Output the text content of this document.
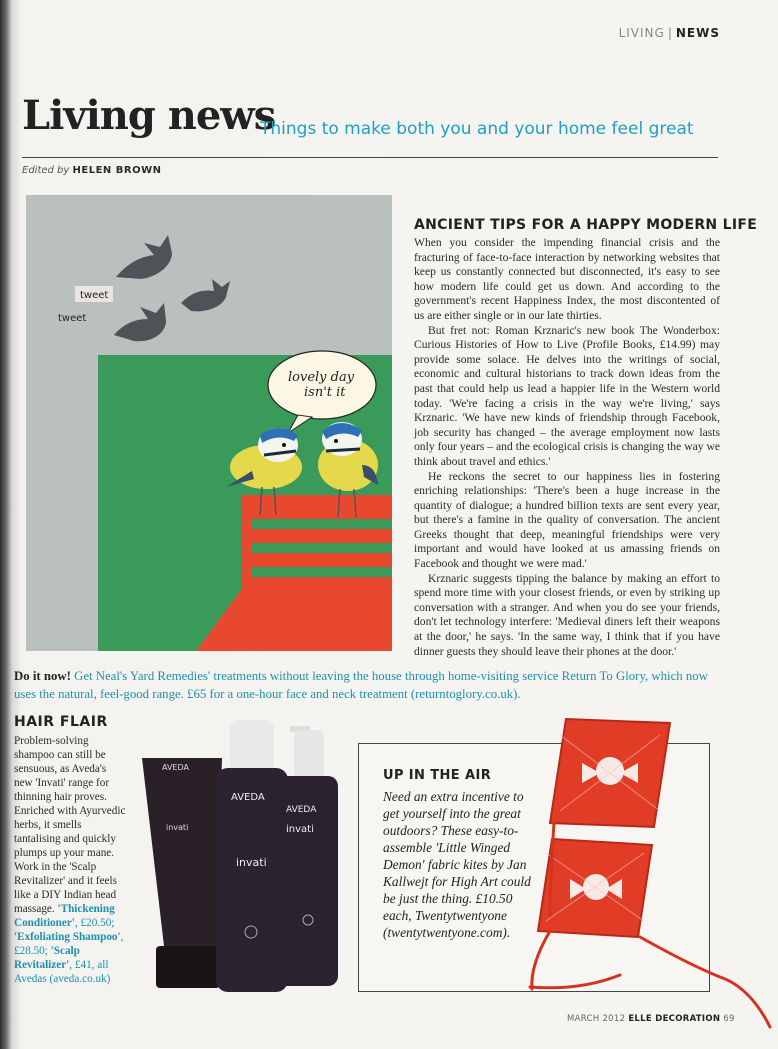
LIVING | NEWS
Living news
Things to make both you and your home feel great
Edited by HELEN BROWN
tweet
tweet
lovely day
isn't it
ANCIENT TIPS FOR A HAPPY MODERN LIFE

When you consider the impending financial crisis and the fracturing of face-to-face interaction by networking websites that keep us constantly connected but disconnected, it's easy to see how modern life could get us down. And according to the government's recent Happiness Index, the most discontented of us are either single or in our late thirties.

But fret not: Roman Krznaric's new book The Wonderbox: Curious Histories of How to Live (Profile Books, £14.99) may provide some solace. He delves into the writings of social, economic and cultural historians to track down ideas from the past that could help us lead a happier life in the Western world today. 'We're facing a crisis in the way we're living,' says Krznaric. 'We have new kinds of friendship through Facebook, job security has changed – the average employment now lasts only four years – and the ecological crisis is changing the way we think about travel and ethics.'

He reckons the secret to our happiness lies in fostering enriching relationships: 'There's been a huge increase in the quantity of dialogue; a hundred billion texts are sent every year, but there's a famine in the quality of conversation. The ancient Greeks thought that deep, meaningful friendships were very important and would have looked at us amassing friends on Facebook and thought we were mad.'

Krznaric suggests tipping the balance by making an effort to spend more time with your closest friends, or even by striking up conversation with a stranger. And when you do see your friends, don't let technology interfere: 'Medieval diners left their weapons at the door,' he says. 'In the same way, I think that if you have dinner guests they should leave their phones at the door.'

Do it now! Get Neal's Yard Remedies' treatments without leaving the house through home-visiting service Return To Glory, which now uses the natural, feel-good range. £65 for a one-hour face and neck treatment (returntoglory.co.uk).
HAIR FLAIR
Problem-solving shampoo can still be sensuous, as Aveda's new 'Invati' range for thinning hair proves. Enriched with Ayurvedic herbs, it smells tantalising and quickly plumps up your mane. Work in the 'Scalp Revitalizer' and it feels like a DIY Indian head massage. 'Thickening Conditioner', £20.50; 'Exfoliating Shampoo', £28.50; 'Scalp Revitalizer', £41, all Avedas (aveda.co.uk)
AVEDA
invati
AVEDA
invati
AVEDA
invati
UP IN THE AIR
Need an extra incentive to get yourself into the great outdoors? These easy-to-assemble 'Little Winged Demon' fabric kites by Jan Kallwejt for High Art could be just the thing. £10.50 each, Twentytwentyone (twentytwentyone.com).
MARCH 2012 ELLE DECORATION 69
